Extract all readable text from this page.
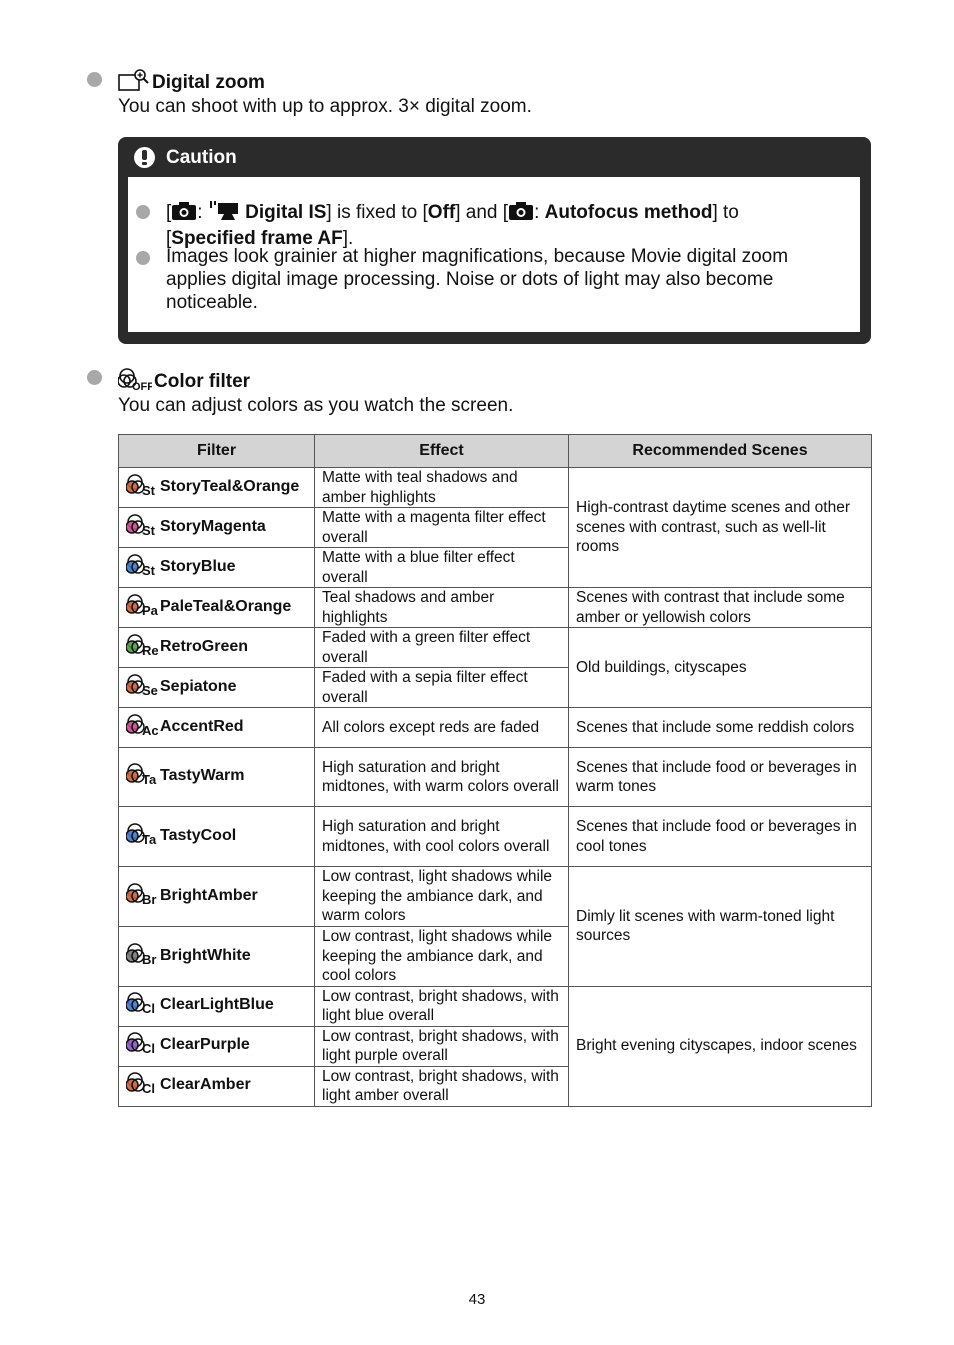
Digital zoom
You can shoot with up to approx. 3× digital zoom.
Caution
[ :  Digital IS] is fixed to [Off] and [ : Autofocus method] to
[Specified frame AF].
Images look grainier at higher magnifications, because Movie digital zoom
applies digital image processing. Noise or dots of light may also become
noticeable.
OFF Color filter
You can adjust colors as you watch the screen.
Filter	Effect	Recommended Scenes

St StoryTeal&Orange	Matte with teal shadows and amber highlights	High-contrast daytime scenes and other scenes with contrast, such as well-lit rooms

St StoryMagenta	Matte with a magenta filter effect overall	

St StoryBlue	Matte with a blue filter effect overall	

Pa PaleTeal&Orange	Teal shadows and amber highlights	Scenes with contrast that include some amber or yellowish colors

Re RetroGreen	Faded with a green filter effect overall	Old buildings, cityscapes

Se Sepiatone	Faded with a sepia filter effect overall	

Ac AccentRed	All colors except reds are faded	Scenes that include some reddish colors

Ta TastyWarm	High saturation and bright midtones, with warm colors overall	Scenes that include food or beverages in warm tones

Ta TastyCool	High saturation and bright midtones, with cool colors overall	Scenes that include food or beverages in cool tones

Br BrightAmber	Low contrast, light shadows while keeping the ambiance dark, and warm colors	Dimly lit scenes with warm-toned light sources

Br BrightWhite	Low contrast, light shadows while keeping the ambiance dark, and cool colors	

Cl ClearLightBlue	Low contrast, bright shadows, with light blue overall	Bright evening cityscapes, indoor scenes

Cl ClearPurple	Low contrast, bright shadows, with light purple overall	

Cl ClearAmber	Low contrast, bright shadows, with light amber overall	
43
